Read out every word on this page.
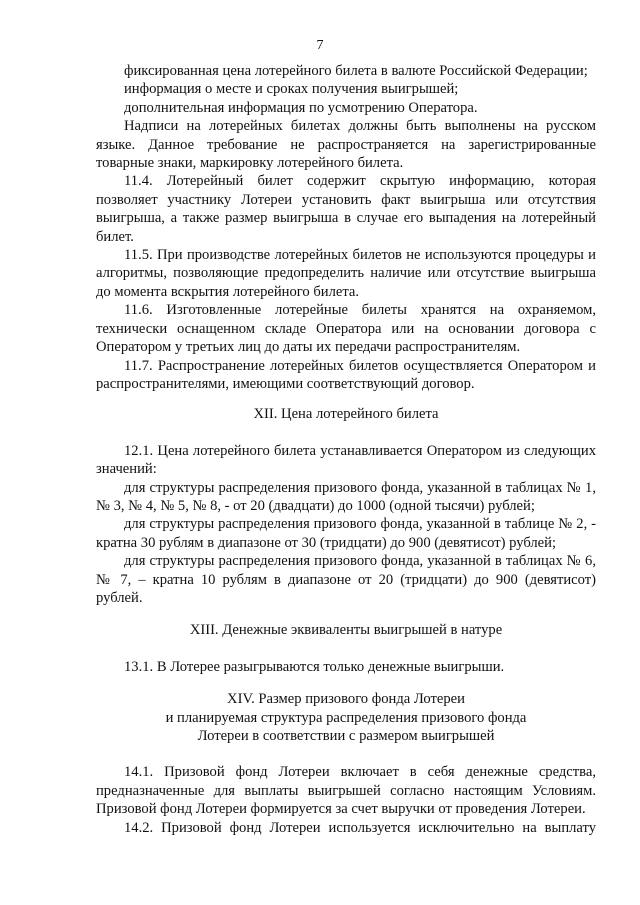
7
фиксированная цена лотерейного билета в валюте Российской Федерации;
информация о месте и сроках получения выигрышей;
дополнительная информация по усмотрению Оператора.
Надписи на лотерейных билетах должны быть выполнены на русском языке. Данное требование не распространяется на зарегистрированные товарные знаки, маркировку лотерейного билета.
11.4. Лотерейный билет содержит скрытую информацию, которая позволяет участнику Лотереи установить факт выигрыша или отсутствия выигрыша, а также размер выигрыша в случае его выпадения на лотерейный билет.
11.5. При производстве лотерейных билетов не используются процедуры и алгоритмы, позволяющие предопределить наличие или отсутствие выигрыша до момента вскрытия лотерейного билета.
11.6. Изготовленные лотерейные билеты хранятся на охраняемом, технически оснащенном складе Оператора или на основании договора с Оператором у третьих лиц до даты их передачи распространителям.
11.7. Распространение лотерейных билетов осуществляется Оператором и распространителями, имеющими соответствующий договор.
XII. Цена лотерейного билета
12.1. Цена лотерейного билета устанавливается Оператором из следующих значений:
для структуры распределения призового фонда, указанной в таблицах № 1, № 3, № 4, № 5, № 8, - от 20 (двадцати) до 1000 (одной тысячи) рублей;
для структуры распределения призового фонда, указанной в таблице № 2, - кратна 30 рублям в диапазоне от 30 (тридцати) до 900 (девятисот) рублей;
для структуры распределения призового фонда, указанной в таблицах № 6, № 7, – кратна 10 рублям в диапазоне от 20 (тридцати) до 900 (девятисот) рублей.
XIII. Денежные эквиваленты выигрышей в натуре
13.1. В Лотерее разыгрываются только денежные выигрыши.
XIV. Размер призового фонда Лотереи
и планируемая структура распределения призового фонда
Лотереи в соответствии с размером выигрышей
14.1. Призовой фонд Лотереи включает в себя денежные средства, предназначенные для выплаты выигрышей согласно настоящим Условиям. Призовой фонд Лотереи формируется за счет выручки от проведения Лотереи.
14.2. Призовой фонд Лотереи используется исключительно на выплату
